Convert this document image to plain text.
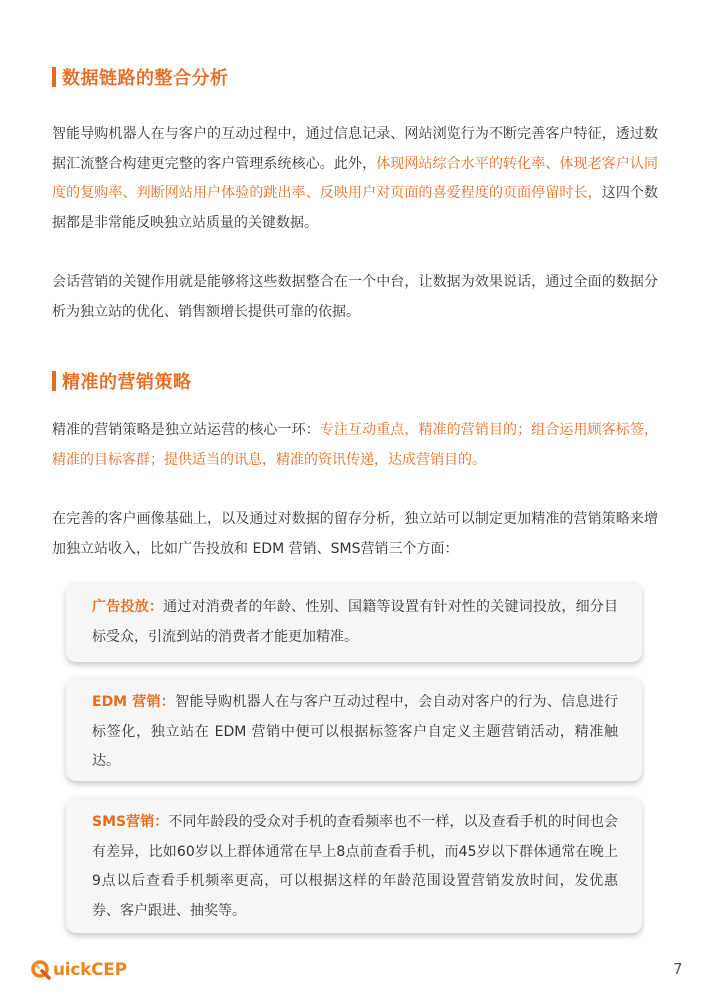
数据链路的整合分析

智能导购机器人在与客户的互动过程中，通过信息记录、网站浏览行为不断完善客户特征，透过数据汇流整合构建更完整的客户管理系统核心。此外，体现网站综合水平的转化率、体现老客户认同度的复购率、判断网站用户体验的跳出率、反映用户对页面的喜爱程度的页面停留时长，这四个数据都是非常能反映独立站质量的关键数据。

会话营销的关键作用就是能够将这些数据整合在一个中台，让数据为效果说话，通过全面的数据分析为独立站的优化、销售额增长提供可靠的依据。

精准的营销策略

精准的营销策略是独立站运营的核心一环：专注互动重点，精准的营销目的；组合运用顾客标签，精准的目标客群；提供适当的讯息，精准的资讯传递，达成营销目的。

在完善的客户画像基础上，以及通过对数据的留存分析，独立站可以制定更加精准的营销策略来增加独立站收入，比如广告投放和 EDM 营销、SMS营销三个方面：

广告投放：通过对消费者的年龄、性别、国籍等设置有针对性的关键词投放，细分目标受众，引流到站的消费者才能更加精准。

EDM 营销：智能导购机器人在与客户互动过程中，会自动对客户的行为、信息进行标签化，独立站在 EDM 营销中便可以根据标签客户自定义主题营销活动，精准触达。

SMS营销：不同年龄段的受众对手机的查看频率也不一样，以及查看手机的时间也会有差异，比如60岁以上群体通常在早上8点前查看手机，而45岁以下群体通常在晚上9点以后查看手机频率更高，可以根据这样的年龄范围设置营销发放时间，发优惠券、客户跟进、抽奖等。

uickCEP	7
